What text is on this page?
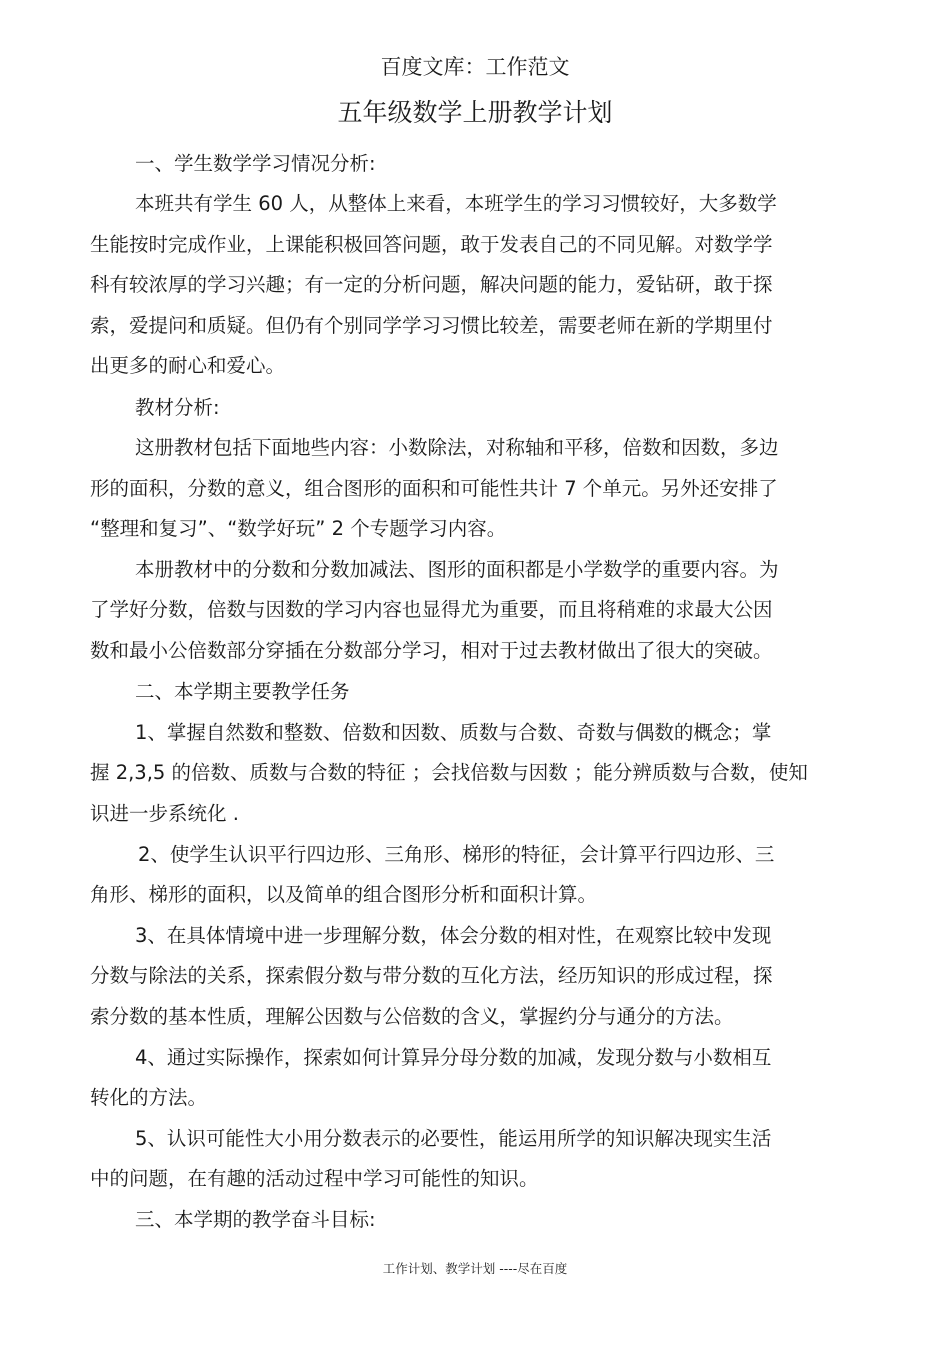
百度文库：工作范文
五年级数学上册教学计划
一、学生数学学习情况分析:
本班共有学生 60 人，从整体上来看，本班学生的学习习惯较好，大多数学
生能按时完成作业，上课能积极回答问题，敢于发表自己的不同见解。对数学学
科有较浓厚的学习兴趣；有一定的分析问题，解决问题的能力，爱钻研，敢于探
索，爱提问和质疑。但仍有个别同学学习习惯比较差，需要老师在新的学期里付
出更多的耐心和爱心。
教材分析:
这册教材包括下面地些内容：小数除法，对称轴和平移，倍数和因数，多边
形的面积，分数的意义，组合图形的面积和可能性共计 7 个单元。另外还安排了
“整理和复习”、“数学好玩” 2 个专题学习内容。
本册教材中的分数和分数加减法、图形的面积都是小学数学的重要内容。为
了学好分数，倍数与因数的学习内容也显得尤为重要，而且将稍难的求最大公因
数和最小公倍数部分穿插在分数部分学习，相对于过去教材做出了很大的突破。
二、本学期主要教学任务
1、掌握自然数和整数、倍数和因数、质数与合数、奇数与偶数的概念；掌
握 2,3,5 的倍数、质数与合数的特征 ；会找倍数与因数 ；能分辨质数与合数，使知
识进一步系统化 .
2、使学生认识平行四边形、三角形、梯形的特征，会计算平行四边形、三
角形、梯形的面积，以及简单的组合图形分析和面积计算。
3、在具体情境中进一步理解分数，体会分数的相对性，在观察比较中发现
分数与除法的关系，探索假分数与带分数的互化方法，经历知识的形成过程，探
索分数的基本性质，理解公因数与公倍数的含义，掌握约分与通分的方法。
4、通过实际操作，探索如何计算异分母分数的加减，发现分数与小数相互
转化的方法。
5、认识可能性大小用分数表示的必要性，能运用所学的知识解决现实生活
中的问题，在有趣的活动过程中学习可能性的知识。
三、本学期的教学奋斗目标:
工作计划、教学计划 ----尽在百度
